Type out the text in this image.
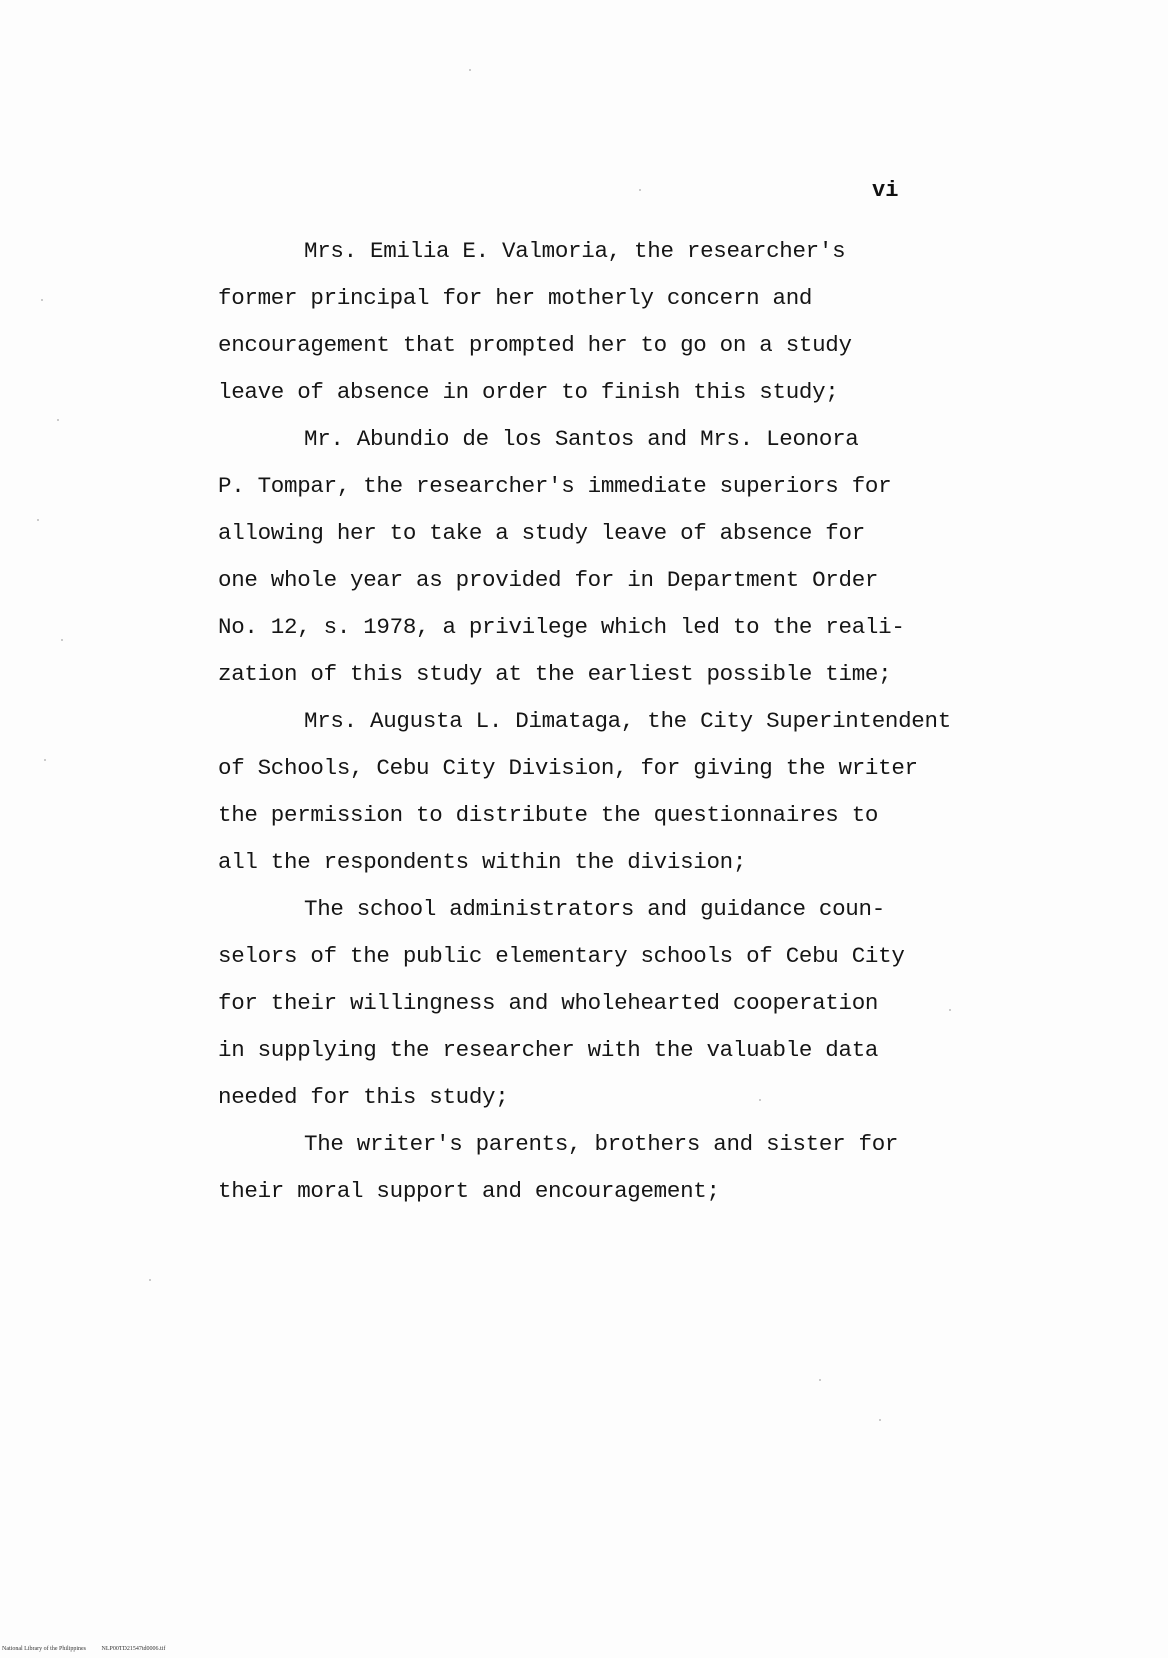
vi

Mrs. Emilia E. Valmoria, the researcher's
former principal for her motherly concern and
encouragement that prompted her to go on a study
leave of absence in order to finish this study;

Mr. Abundio de los Santos and Mrs. Leonora
P. Tompar, the researcher's immediate superiors for
allowing her to take a study leave of absence for
one whole year as provided for in Department Order
No. 12, s. 1978, a privilege which led to the reali-
zation of this study at the earliest possible time;

Mrs. Augusta L. Dimataga, the City Superintendent
of Schools, Cebu City Division, for giving the writer
the permission to distribute the questionnaires to
all the respondents within the division;

The school administrators and guidance coun-
selors of the public elementary schools of Cebu City
for their willingness and wholehearted cooperation
in supplying the researcher with the valuable data
needed for this study;

The writer's parents, brothers and sister for
their moral support and encouragement;

National Library of the Philippines	NLP00TD21547td0006.tif
